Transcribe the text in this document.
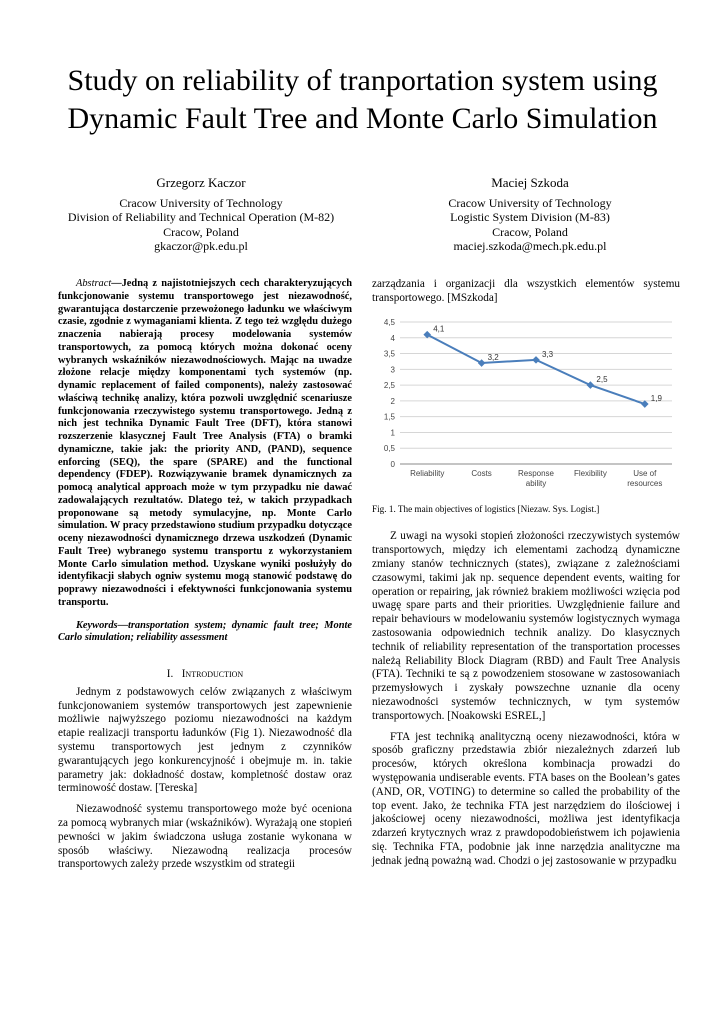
Study on reliability of tranportation system using
Dynamic Fault Tree and Monte Carlo Simulation
Grzegorz Kaczor
Cracow University of Technology
Division of Reliability and Technical Operation (M-82)
Cracow, Poland
gkaczor@pk.edu.pl
Maciej Szkoda
Cracow University of Technology
Logistic System Division (M-83)
Cracow, Poland
maciej.szkoda@mech.pk.edu.pl

Abstract—Jedną z najistotniejszych cech charakteryzujących funkcjonowanie systemu transportowego jest niezawodność, gwarantująca dostarczenie przewożonego ładunku we właściwym czasie, zgodnie z wymaganiami klienta. Z tego też względu dużego znaczenia nabierają procesy modelowania systemów transportowych, za pomocą których można dokonać oceny wybranych wskaźników niezawodnościowych. Mając na uwadze złożone relacje między komponentami tych systemów (np. dynamic replacement of failed components), należy zastosować właściwą technikę analizy, która pozwoli uwzględnić scenariusze funkcjonowania rzeczywistego systemu transportowego. Jedną z nich jest technika Dynamic Fault Tree (DFT), która stanowi rozszerzenie klasycznej Fault Tree Analysis (FTA) o bramki dynamiczne, takie jak: the priority AND, (PAND), sequence enforcing (SEQ), the spare (SPARE) and the functional dependency (FDEP). Rozwiązywanie bramek dynamicznych za pomocą analytical approach może w tym przypadku nie dawać zadowalających rezultatów. Dlatego też, w takich przypadkach proponowane są metody symulacyjne, np. Monte Carlo simulation. W pracy przedstawiono studium przypadku dotyczące oceny niezawodności dynamicznego drzewa uszkodzeń (Dynamic Fault Tree) wybranego systemu transportu z wykorzystaniem Monte Carlo simulation method. Uzyskane wyniki posłużyły do identyfikacji słabych ogniw systemu mogą stanowić podstawę do poprawy niezawodności i efektywności funkcjonowania systemu transportu.

Keywords—transportation system; dynamic fault tree; Monte Carlo simulation; reliability assessment

I. Introduction

Jednym z podstawowych celów związanych z właściwym funkcjonowaniem systemów transportowych jest zapewnienie możliwie najwyższego poziomu niezawodności na każdym etapie realizacji transportu ładunków (Fig 1). Niezawodność dla systemu transportowych jest jednym z czynników gwarantujących jego konkurencyjność i obejmuje m. in. takie parametry jak: dokładność dostaw, kompletność dostaw oraz terminowość dostaw. [Tereska]

Niezawodność systemu transportowego może być oceniona za pomocą wybranych miar (wskaźników). Wyrażają one stopień pewności w jakim świadczona usługa zostanie wykonana w sposób właściwy. Niezawodną realizacja procesów transportowych zależy przede wszystkim od strategii

zarządzania i organizacji dla wszystkich elementów systemu transportowego. [MSzkoda]

0
0,5
1
1,5
2
2,5
3
3,5
4
4,5
Reliability	Costs	Response
ability
Flexibility	Use of
resources
4,1
3,2	3,3
2,5
1,9

Fig. 1. The main objectives of logistics [Niezaw. Sys. Logist.]

Z uwagi na wysoki stopień złożoności rzeczywistych systemów transportowych, między ich elementami zachodzą dynamiczne zmiany stanów technicznych (states), związane z zależnościami czasowymi, takimi jak np. sequence dependent events, waiting for operation or repairing, jak również brakiem możliwości wzięcia pod uwagę spare parts and their priorities. Uwzględnienie failure and repair behaviours w modelowaniu systemów logistycznych wymaga zastosowania odpowiednich technik analizy. Do klasycznych technik of reliability representation of the transportation processes należą Reliability Block Diagram (RBD) and Fault Tree Analysis (FTA). Techniki te są z powodzeniem stosowane w zastosowaniach przemysłowych i zyskały powszechne uznanie dla oceny niezawodności systemów technicznych, w tym systemów transportowych. [Noakowski ESREL,]

FTA jest techniką analityczną oceny niezawodności, która w sposób graficzny przedstawia zbiór niezależnych zdarzeń lub procesów, których określona kombinacja prowadzi do występowania undiserable events. FTA bases on the Boolean’s gates (AND, OR, VOTING) to determine so called the probability of the top event. Jako, że technika FTA jest narzędziem do ilościowej i jakościowej oceny niezawodności, możliwa jest identyfikacja zdarzeń krytycznych wraz z prawdopodobieństwem ich pojawienia się. Technika FTA, podobnie jak inne narzędzia analityczne ma jednak jedną poważną wad. Chodzi o jej zastosowanie w przypadku
